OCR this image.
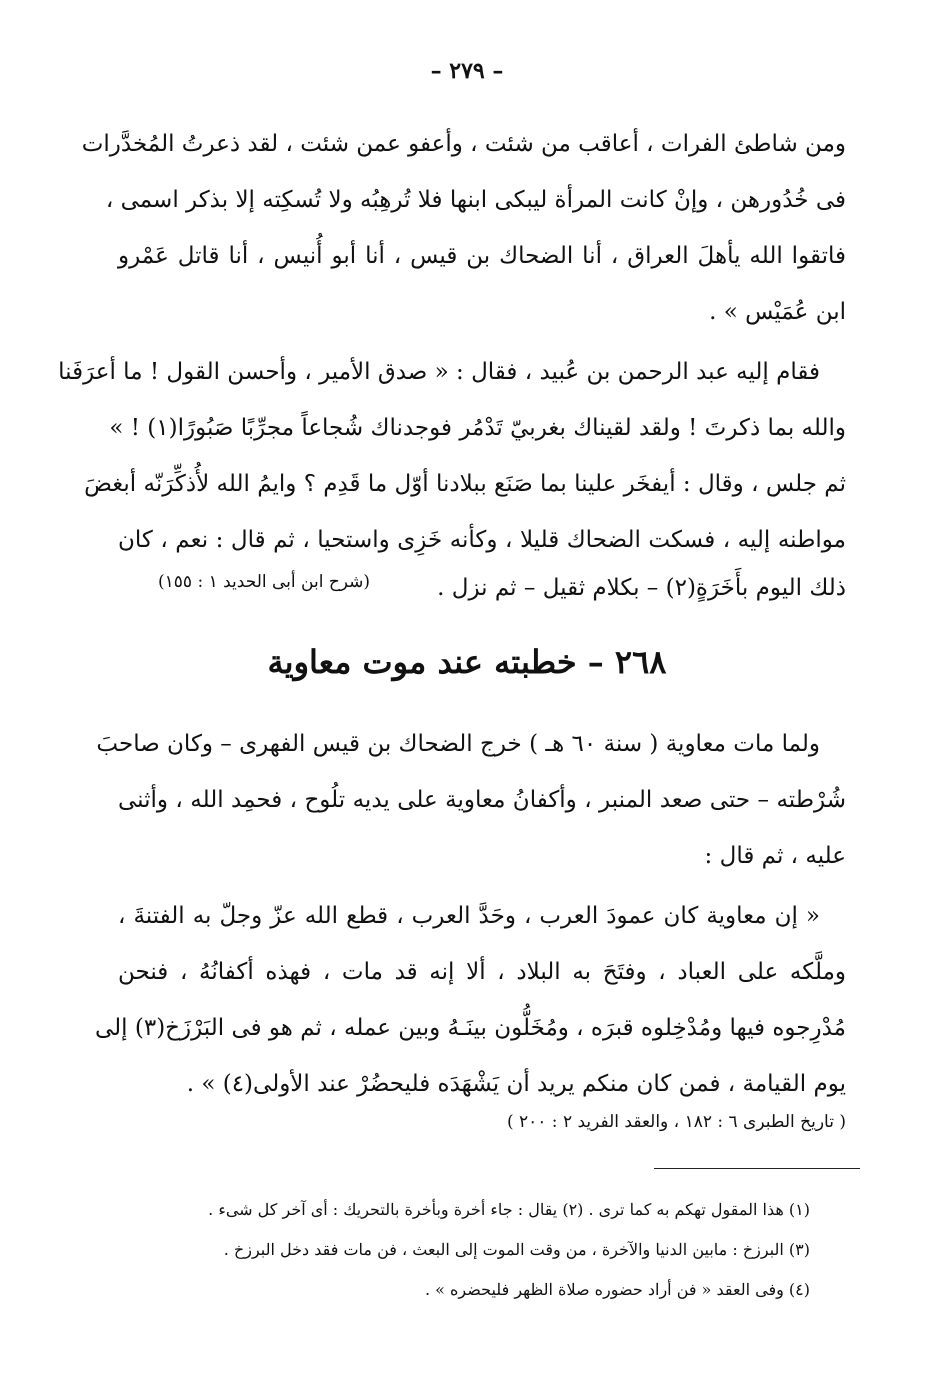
– ٢٧٩ –
ومن شاطئ الفرات ، أعاقب من شئت ، وأعفو عمن شئت ، لقد ذعرتُ المُخدَّرات
فى خُدُورهن ، وإنْ كانت المرأة ليبكى ابنها فلا تُرهِبُه ولا تُسكِته إلا بذكر اسمى ،
فاتقوا الله يأهلَ العراق ، أنا الضحاك بن قيس ، أنا أبو أُنيس ، أنا قاتل عَمْرو
ابن عُمَيْس » .
فقام إليه عبد الرحمن بن عُبيد ، فقال : « صدق الأمير ، وأحسن القول ! ما أعرَفَنا
والله بما ذكرتَ ! ولقد لقيناك بغربيّ تَدْمُر فوجدناك شُجاعاً مجرِّبًا صَبُورًا(١) ! »
ثم جلس ، وقال : أيفخَر علينا بما صَنَع ببلادنا أوّل ما قَدِم ؟ وايمُ الله لأُذكِّرَنّه أبغضَ
مواطنه إليه ، فسكت الضحاك قليلا ، وكأنه خَزِى واستحيا ، ثم قال : نعم ، كان
ذلك اليوم بأَخَرَةٍ(٢) – بكلام ثقيل – ثم نزل .
(شرح ابن أبى الحديد ١ : ١٥٥)
٢٦٨ – خطبته عند موت معاوية
ولما مات معاوية ( سنة ٦٠ هـ ) خرج الضحاك بن قيس الفهرى – وكان صاحبَ
شُرْطته – حتى صعد المنبر ، وأكفانُ معاوية على يديه تلُوح ، فحمِد الله ، وأثنى
عليه ، ثم قال :
« إن معاوية كان عمودَ العرب ، وحَدَّ العرب ، قطع الله عزّ وجلّ به الفتنةَ ،
وملَّكه على العباد ، وفتَحَ به البلاد ، ألا إنه قد مات ، فهذه أكفانُهُ ، فنحن
مُدْرِجوه فيها ومُدْخِلوه قبرَه ، ومُخَلُّون بينَـهُ وبين عمله ، ثم هو فى البَرْزَخ(٣) إلى
يوم القيامة ، فمن كان منكم يريد أن يَشْهَدَه فليحضُرْ عند الأولى(٤) » .
( تاريخ الطبرى ٦ : ١٨٢ ، والعقد الفريد ٢ : ٢٠٠ )
(١) هذا المقول تهكم به كما ترى . (٢) يقال : جاء أخرة وبأخرة بالتحريك : أى آخر كل شىء .
(٣) البرزخ : مابين الدنيا والآخرة ، من وقت الموت إلى البعث ، فن مات فقد دخل البرزخ .
(٤) وفى العقد « فن أراد حضوره صلاة الظهر فليحضره » .
